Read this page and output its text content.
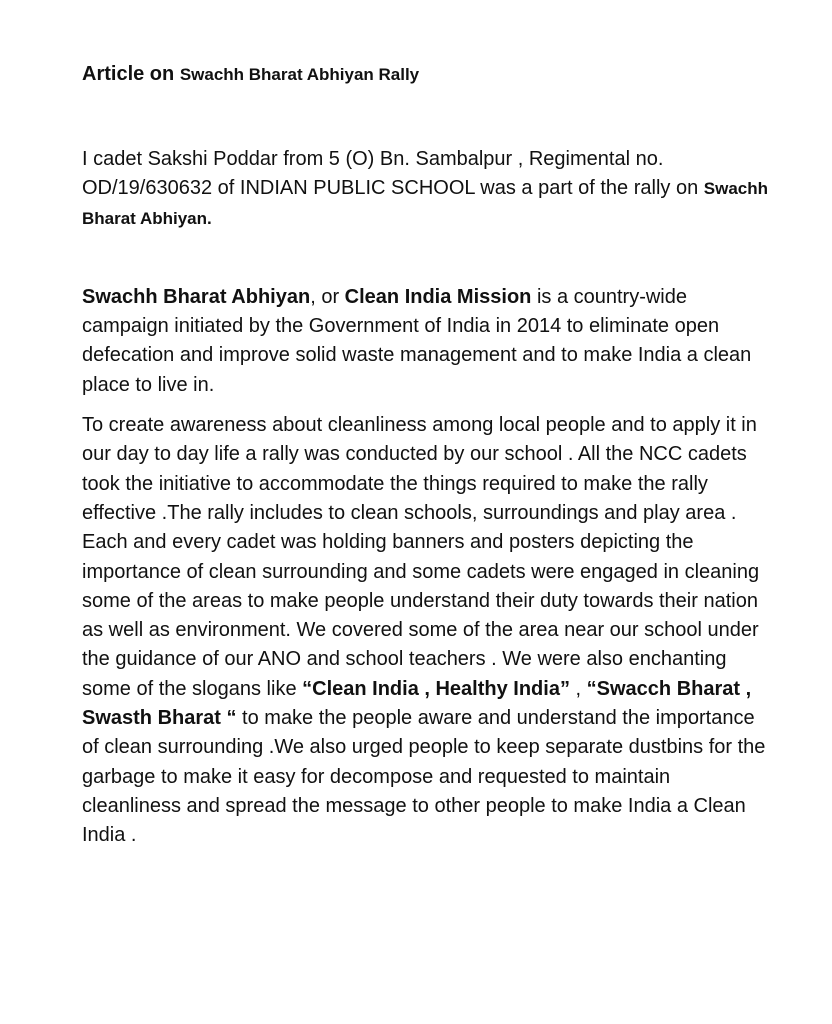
Article on Swachh Bharat Abhiyan Rally

I cadet Sakshi Poddar from 5 (O) Bn. Sambalpur , Regimental no. OD/19/630632 of INDIAN PUBLIC SCHOOL was a part of the rally on Swachh Bharat Abhiyan.

Swachh Bharat Abhiyan, or Clean India Mission is a country-wide campaign initiated by the Government of India in 2014 to eliminate open defecation and improve solid waste management and to make India a clean place to live in.

To create awareness about cleanliness among local people and to apply it in our day to day life a rally was conducted by our school . All the NCC cadets took the initiative to accommodate the things required to make the rally effective .The rally includes to clean schools, surroundings and play area . Each and every cadet was holding banners and posters depicting the importance of clean surrounding and some cadets were engaged in cleaning some of the areas to make people understand their duty towards their nation as well as environment. We covered some of the area near our school under the guidance of our ANO and school teachers . We were also enchanting some of the slogans like “Clean India , Healthy India” , “Swacch Bharat , Swasth Bharat “ to make the people aware and understand the importance of clean surrounding .We also urged people to keep separate dustbins for the garbage to make it easy for decompose and requested to maintain cleanliness and spread the message to other people to make India a Clean India .
